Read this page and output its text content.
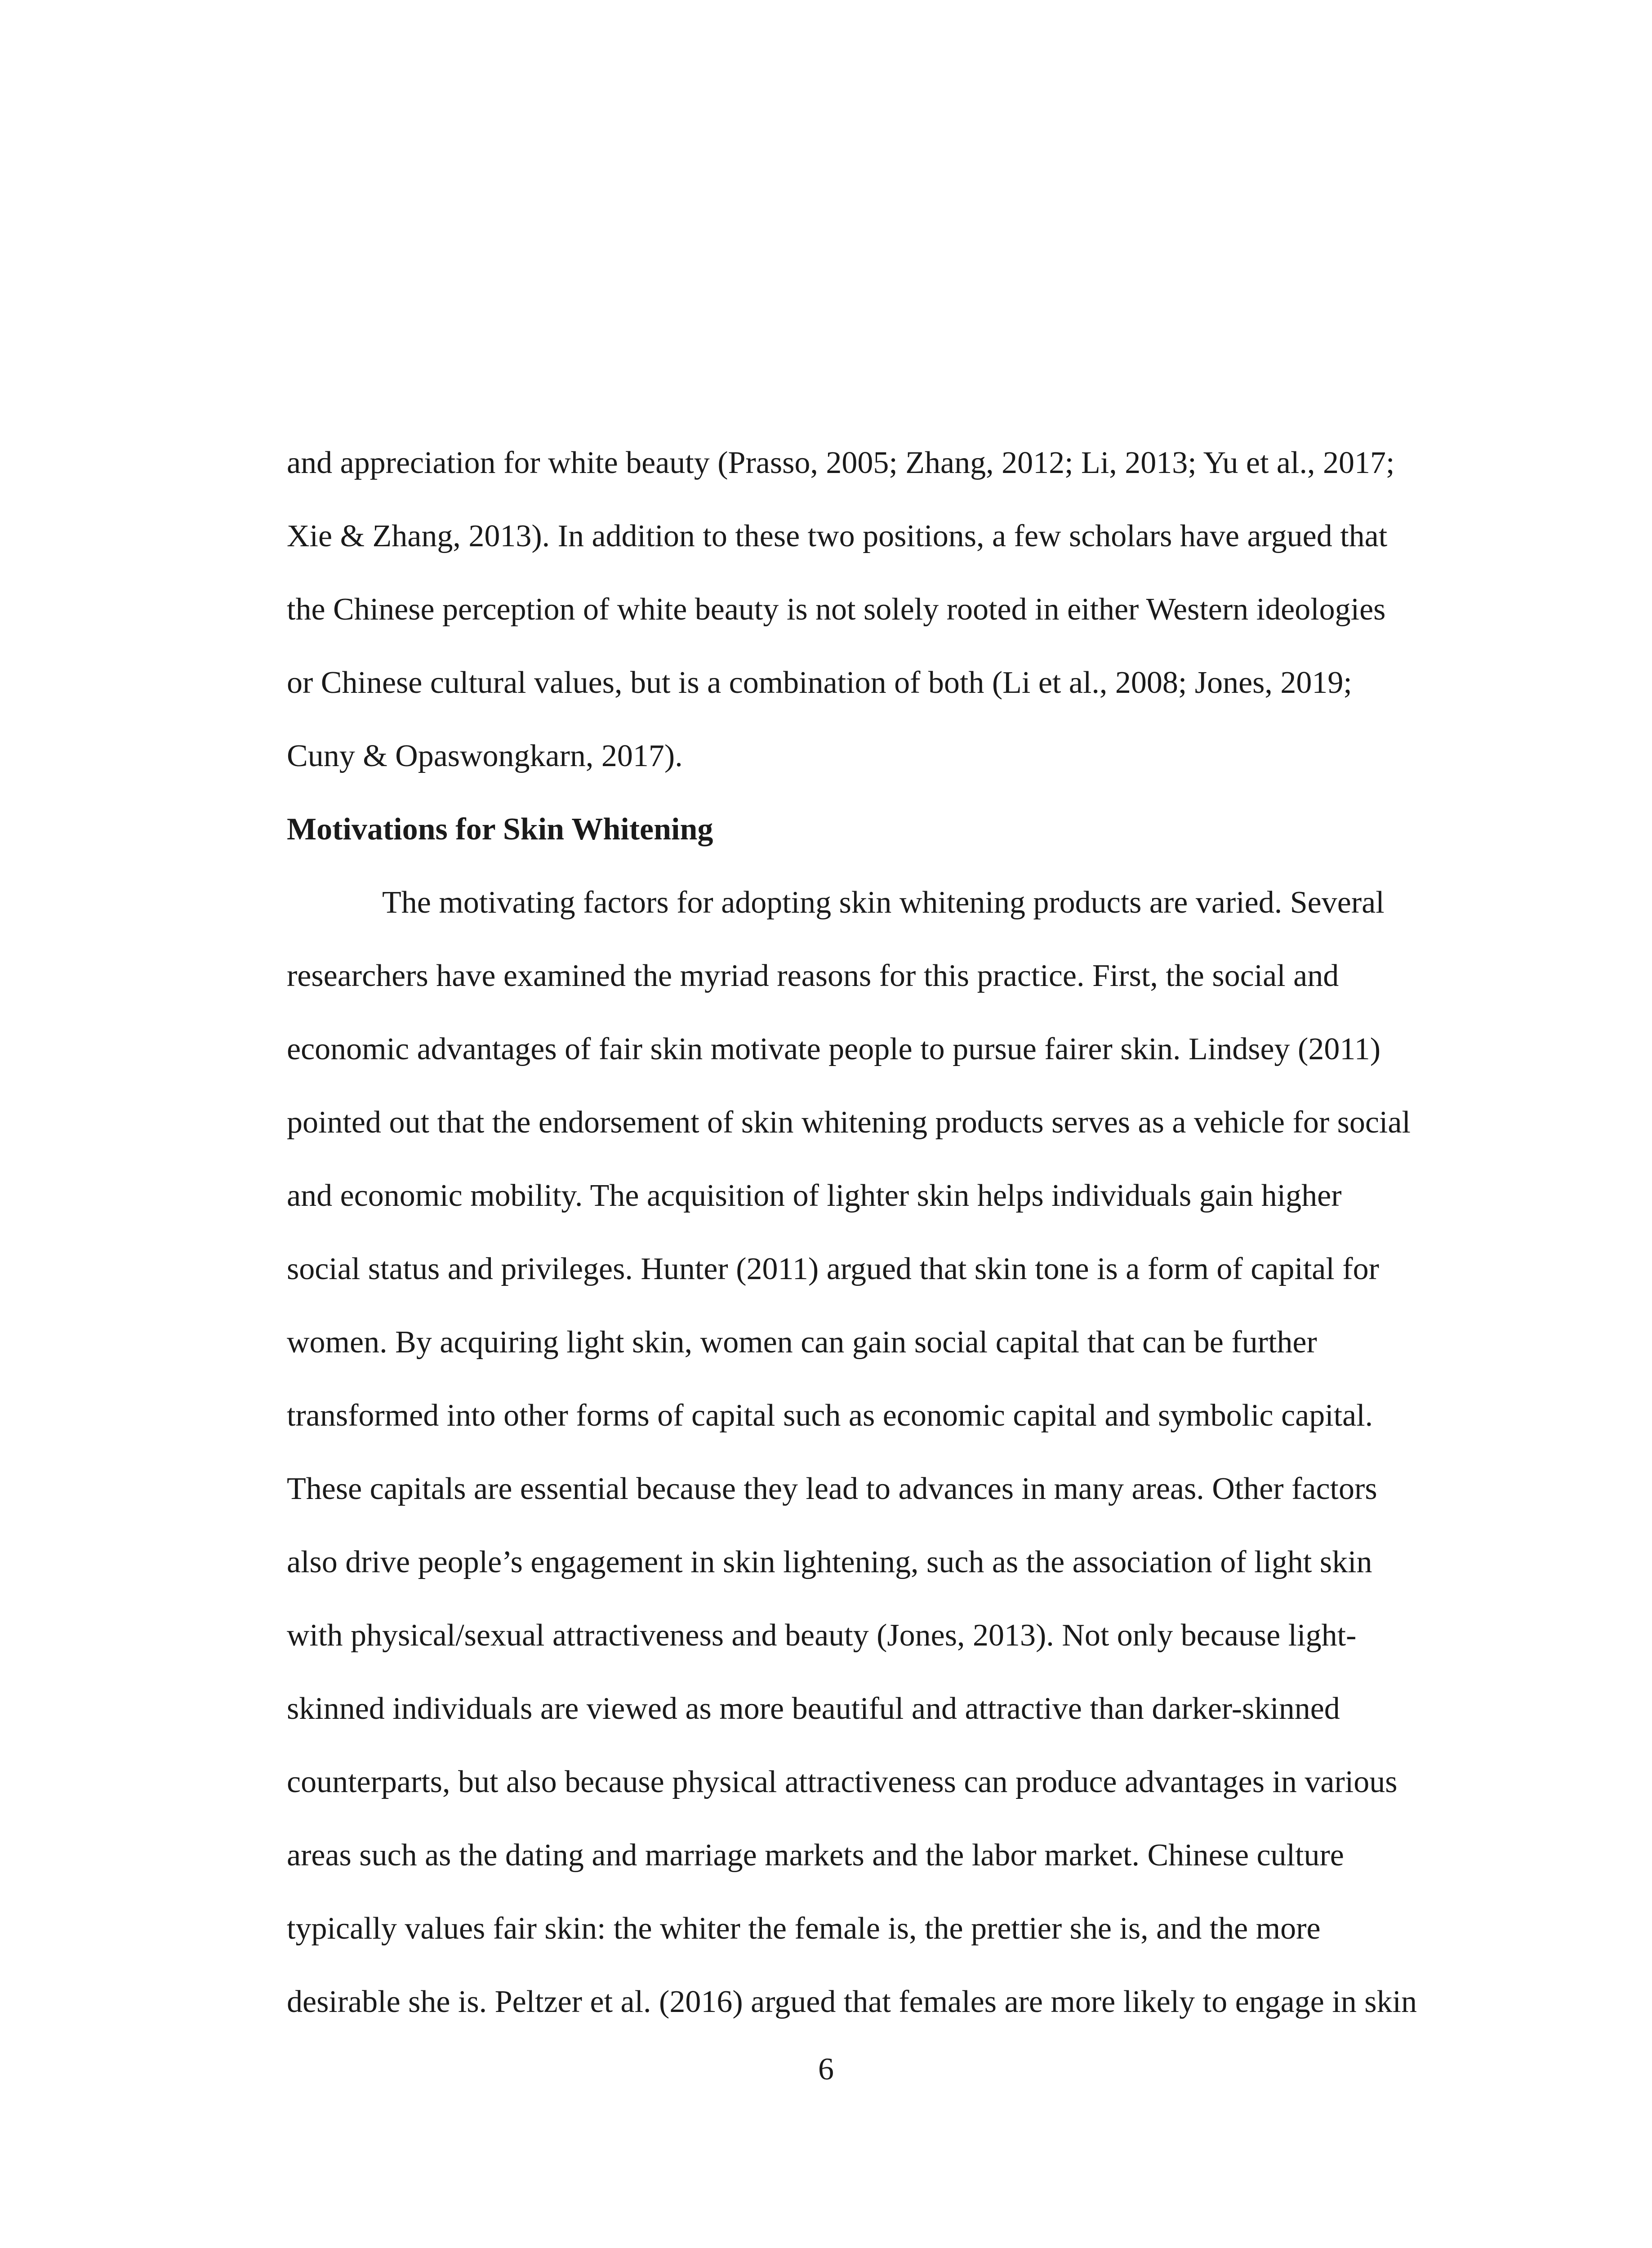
and appreciation for white beauty (Prasso, 2005; Zhang, 2012; Li, 2013; Yu et al., 2017;
Xie & Zhang, 2013). In addition to these two positions, a few scholars have argued that
the Chinese perception of white beauty is not solely rooted in either Western ideologies
or Chinese cultural values, but is a combination of both (Li et al., 2008; Jones, 2019;
Cuny & Opaswongkarn, 2017).
Motivations for Skin Whitening
The motivating factors for adopting skin whitening products are varied. Several
researchers have examined the myriad reasons for this practice. First, the social and
economic advantages of fair skin motivate people to pursue fairer skin. Lindsey (2011)
pointed out that the endorsement of skin whitening products serves as a vehicle for social
and economic mobility. The acquisition of lighter skin helps individuals gain higher
social status and privileges. Hunter (2011) argued that skin tone is a form of capital for
women. By acquiring light skin, women can gain social capital that can be further
transformed into other forms of capital such as economic capital and symbolic capital.
These capitals are essential because they lead to advances in many areas. Other factors
also drive people’s engagement in skin lightening, such as the association of light skin
with physical/sexual attractiveness and beauty (Jones, 2013). Not only because light-
skinned individuals are viewed as more beautiful and attractive than darker-skinned
counterparts, but also because physical attractiveness can produce advantages in various
areas such as the dating and marriage markets and the labor market. Chinese culture
typically values fair skin: the whiter the female is, the prettier she is, and the more
desirable she is. Peltzer et al. (2016) argued that females are more likely to engage in skin
6
